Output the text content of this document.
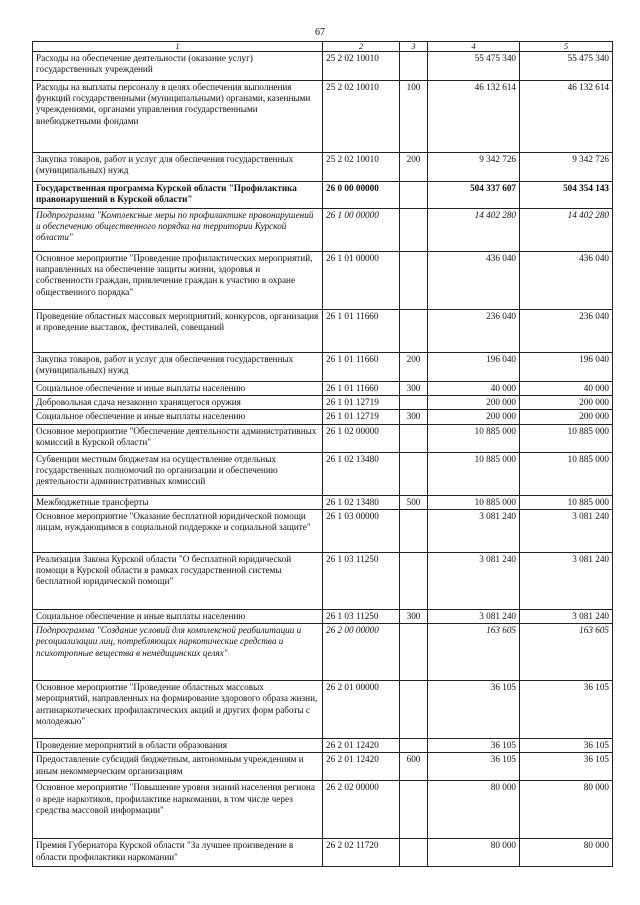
67
1	2	3	4	5
Расходы на обеспечение деятельности (оказание услуг) государственных учреждений	25 2 02 10010		55 475 340	55 475 340
Расходы на выплаты персоналу в целях обеспечения выполнения функций государственными (муниципальными) органами, казенными учреждениями, органами управления государственными внебюджетными фондами	25 2 02 10010	100	46 132 614	46 132 614
Закупка товаров, работ и услуг для обеспечения государственных (муниципальных) нужд	25 2 02 10010	200	9 342 726	9 342 726
Государственная программа Курской области "Профилактика правонарушений в Курской области"	26 0 00 00000		504 337 607	504 354 143
Подпрограмма "Комплексные меры по профилактике правонарушений и обеспечению общественного порядка на территории Курской области"	26 1 00 00000		14 402 280	14 402 280
Основное мероприятие "Проведение профилактических мероприятий, направленных на обеспечение защиты жизни, здоровья и собственности граждан, привлечение граждан к участию в охране общественного порядка"	26 1 01 00000		436 040	436 040
Проведение областных массовых мероприятий, конкурсов, организация и проведение выставок, фестивалей, совещаний	26 1 01 11660		236 040	236 040
Закупка товаров, работ и услуг для обеспечения государственных (муниципальных) нужд	26 1 01 11660	200	196 040	196 040
Социальное обеспечение и иные выплаты населению	26 1 01 11660	300	40 000	40 000
Добровольная сдача незаконно хранящегося оружия	26 1 01 12719		200 000	200 000
Социальное обеспечение и иные выплаты населению	26 1 01 12719	300	200 000	200 000
Основное мероприятие "Обеспечение деятельности административных комиссий в Курской области"	26 1 02 00000		10 885 000	10 885 000
Субвенции местным бюджетам на осуществление отдельных государственных полномочий по организации и обеспечению деятельности административных комиссий	26 1 02 13480		10 885 000	10 885 000
Межбюджетные трансферты	26 1 02 13480	500	10 885 000	10 885 000
Основное мероприятие "Оказание бесплатной юридической помощи лицам, нуждающимся в социальной поддержке и социальной защите"	26 1 03 00000		3 081 240	3 081 240
Реализация Закона Курской области "О бесплатной юридической помощи в Курской области в рамках государственной системы бесплатной юридической помощи"	26 1 03 11250		3 081 240	3 081 240
Социальное обеспечение и иные выплаты населению	26 1 03 11250	300	3 081 240	3 081 240
Подпрограмма "Создание условий для комплексной реабилитации и ресоциализации лиц, потребляющих наркотические средства и психотропные вещества в немедицинских целях"	26 2 00 00000		163 605	163 605
Основное мероприятие "Проведение областных массовых мероприятий, направленных на формирование здорового образа жизни, антинаркотических профилактических акций и других форм работы с молодежью"	26 2 01 00000		36 105	36 105
Проведение мероприятий в области образования	26 2 01 12420		36 105	36 105
Предоставление субсидий бюджетным, автономным учреждениям и иным некоммерческим организациям	26 2 01 12420	600	36 105	36 105
Основное мероприятие "Повышение уровня знаний населения региона о вреде наркотиков, профилактике наркомании, в том числе через средства массовой информации"	26 2 02 00000		80 000	80 000
Премия Губернатора Курской области "За лучшее произведение в области профилактики наркомании"	26 2 02 11720		80 000	80 000
